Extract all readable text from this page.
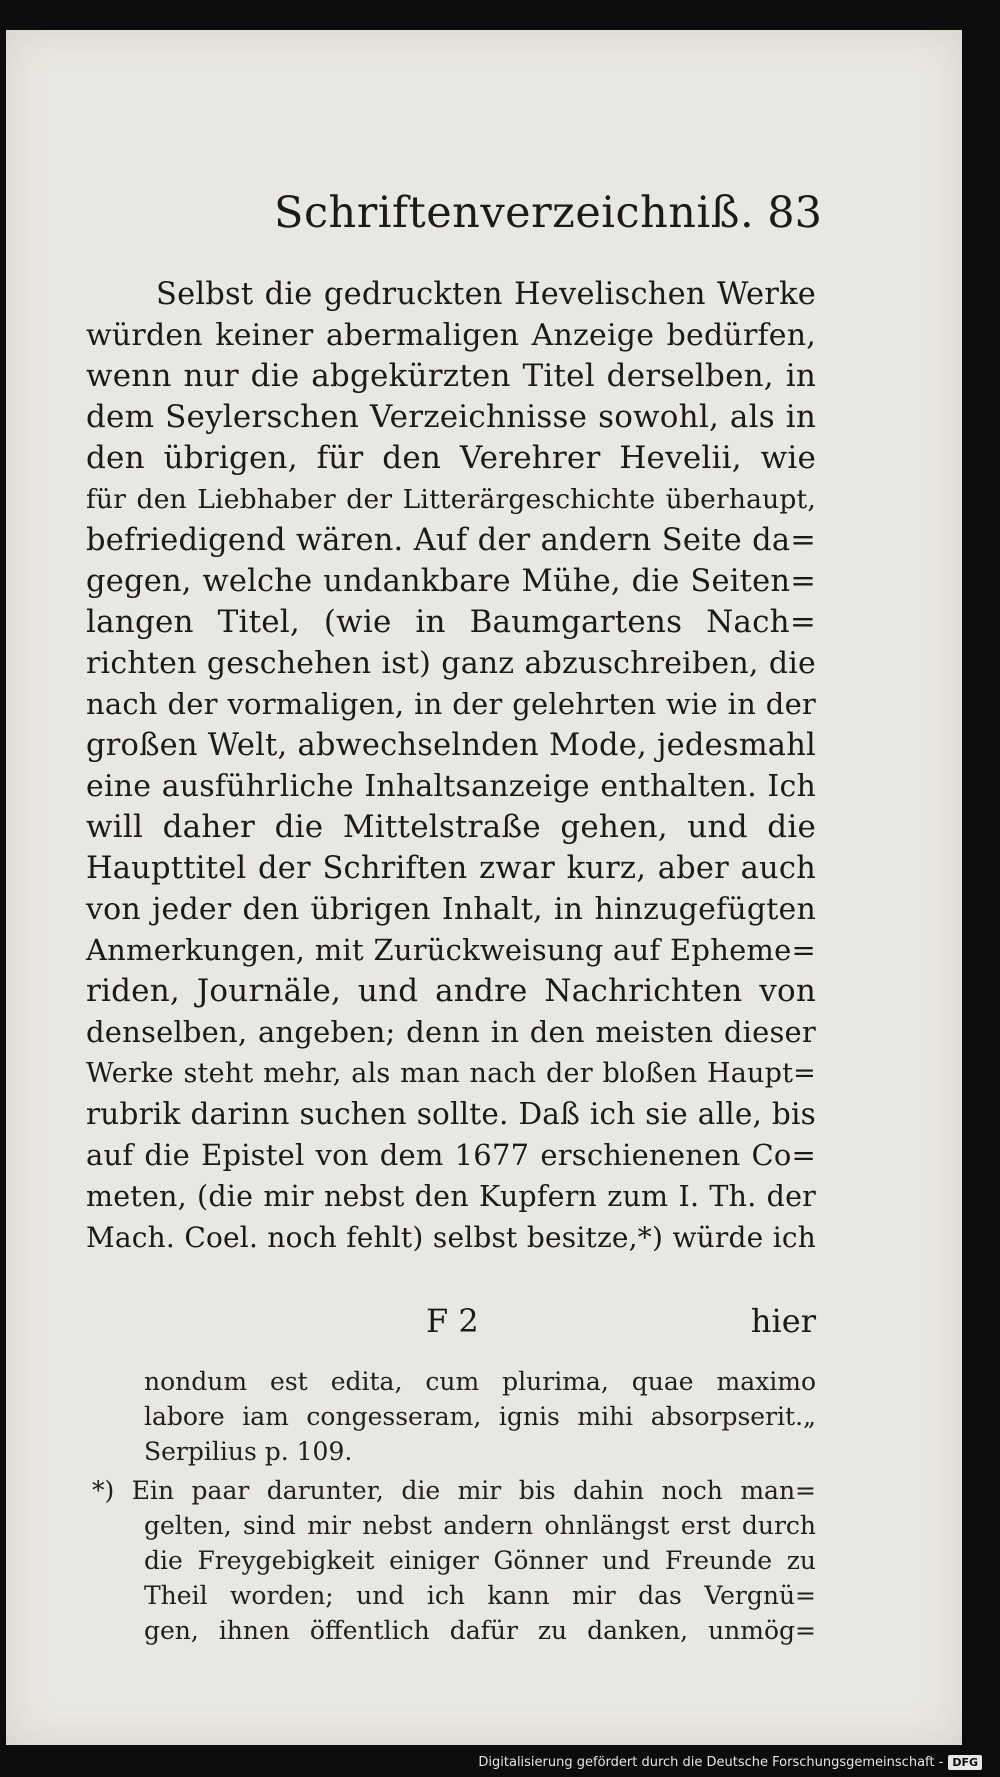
Schriftenverzeichniß. 83
Selbst die gedruckten Hevelischen Werke
würden keiner abermaligen Anzeige bedürfen,
wenn nur die abgekürzten Titel derselben, in
dem Seylerschen Verzeichnisse sowohl, als in
den übrigen, für den Verehrer Hevelii, wie
für den Liebhaber der Litterärgeschichte überhaupt,
befriedigend wären. Auf der andern Seite da=
gegen, welche undankbare Mühe, die Seiten=
langen Titel, (wie in Baumgartens Nach=
richten geschehen ist) ganz abzuschreiben, die
nach der vormaligen, in der gelehrten wie in der
großen Welt, abwechselnden Mode, jedesmahl
eine ausführliche Inhaltsanzeige enthalten. Ich
will daher die Mittelstraße gehen, und die
Haupttitel der Schriften zwar kurz, aber auch
von jeder den übrigen Inhalt, in hinzugefügten
Anmerkungen, mit Zurückweisung auf Epheme=
riden, Journäle, und andre Nachrichten von
denselben, angeben; denn in den meisten dieser
Werke steht mehr, als man nach der bloßen Haupt=
rubrik darinn suchen sollte. Daß ich sie alle, bis
auf die Epistel von dem 1677 erschienenen Co=
meten, (die mir nebst den Kupfern zum I. Th. der
Mach. Coel. noch fehlt) selbst besitze,*) würde ich
F 2	hier
nondum est edita, cum plurima, quae maximo
labore iam congesseram, ignis mihi absorpserit.„
Serpilius p. 109.
*) Ein paar darunter, die mir bis dahin noch man=
gelten, sind mir nebst andern ohnlängst erst durch
die Freygebigkeit einiger Gönner und Freunde zu
Theil worden; und ich kann mir das Vergnü=
gen, ihnen öffentlich dafür zu danken, unmög=
Digitalisierung gefördert durch die Deutsche Forschungsgemeinschaft - DFG
